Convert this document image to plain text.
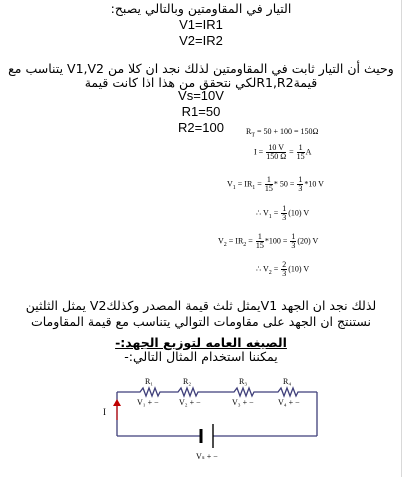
التيار في المقاومتين وبالتالي يصبح:
V1=IR1
V2=IR2
وحيث أن التيار ثابت في المقاومتين لذلك نجد ان كلا من V1,V2 يتناسب مع
قيمةR1,R2لكي نتحقق من هذا اذا كانت قيمة
Vs=10V
R1=50
R2=100	$R_T = 50 + 100 = 150\Omega$
$I = \frac{10 V}{150 \Omega} = \frac{1}{15}$ A
$V_1 = IR_1 = \frac{1}{15} * 50 = \frac{1}{3} *10$ V
∴ $V_1 = \frac{1}{3} (10)$ V
$V_2 = IR_2 = \frac{1}{15} *100 = \frac{1}{3} (20)$ V
∴ $V_2 = \frac{2}{3} (10)$ V
لذلك نجد ان الجهد V1يمثل ثلث قيمة المصدر وكذلكV2 يمثل الثلثين
نستنتج ان الجهد على مقاومات التوالي يتناسب مع قيمة المقاومات
الصيغه العامه لتوزيع الجهد:-
يمكننا استخدام المثال التالي:-
I
R₁	R₂	R₃	R₄
V₁ + −	V₂ + −	V₃ + −	V₄ + −
Vₛ + −
